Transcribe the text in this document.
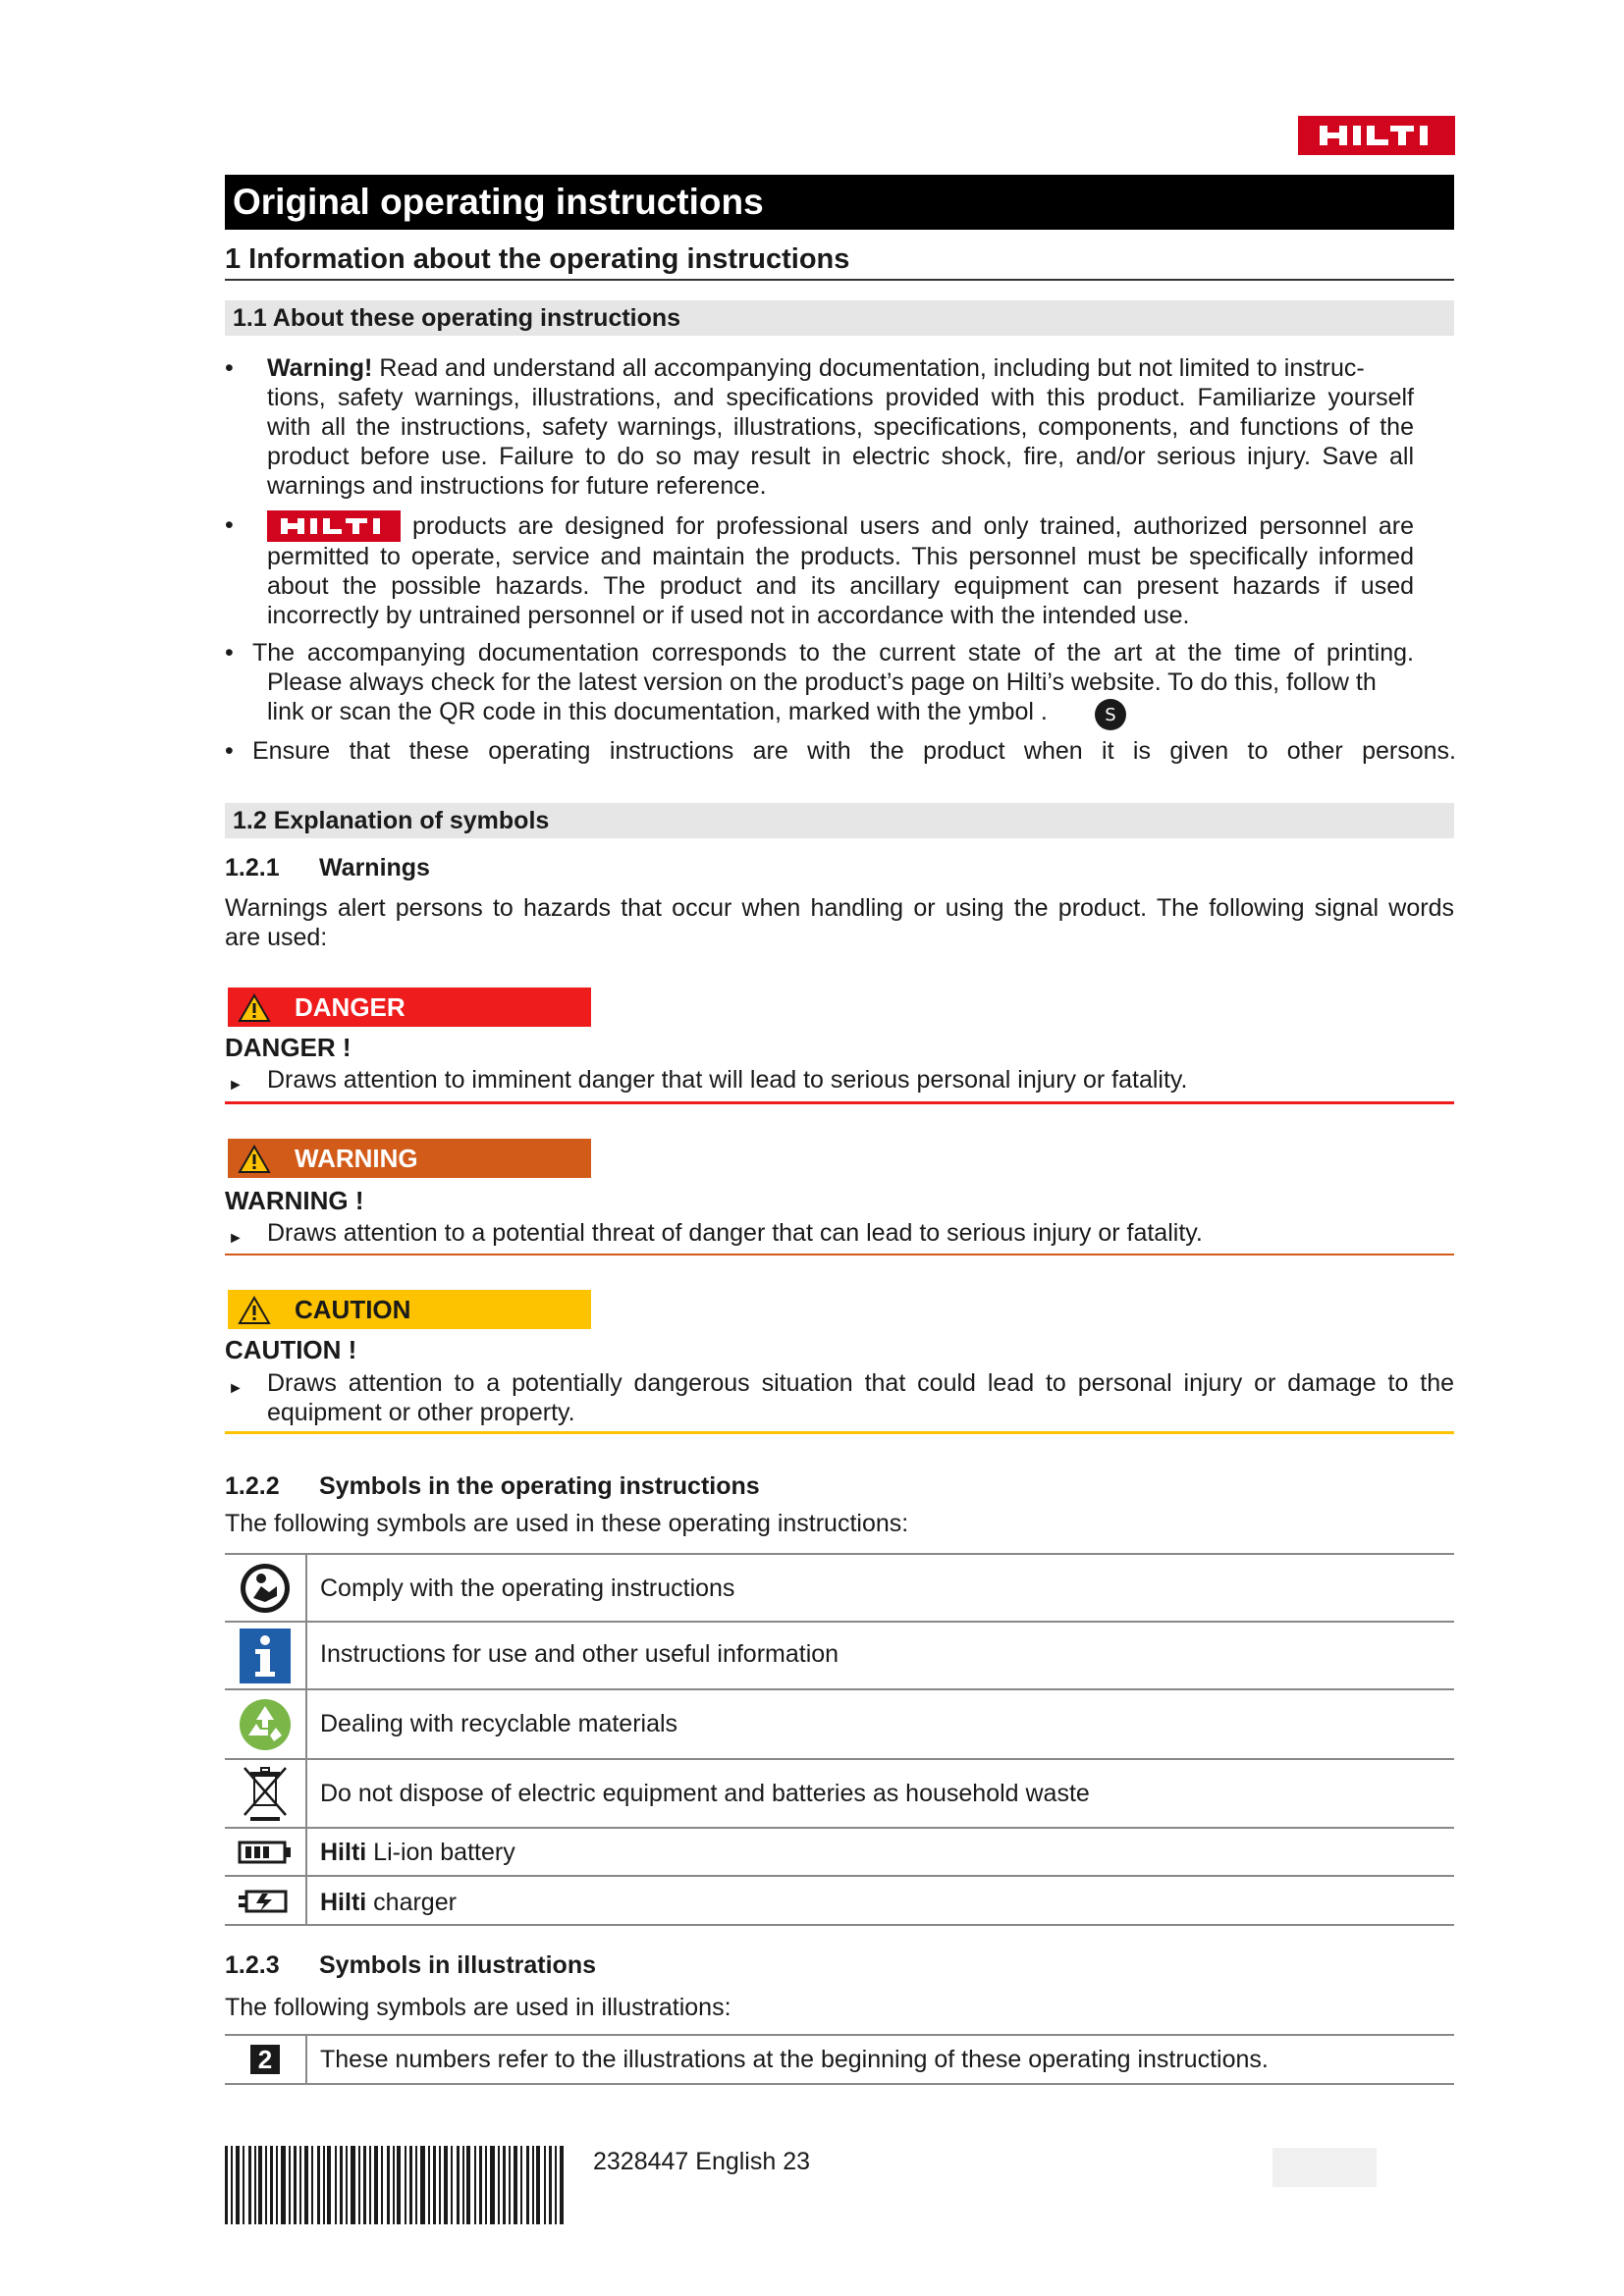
Original operating instructions
1 Information about the operating instructions
1.1 About these operating instructions
• Warning! Read and understand all accompanying documentation, including but not limited to instruc-
tions, safety warnings, illustrations, and specifications provided with this product. Familiarize yourself
with all the instructions, safety warnings, illustrations, specifications, components, and functions of the
product before use. Failure to do so may result in electric shock, fire, and/or serious injury. Save all
warnings and instructions for future reference.
•	products are designed for professional users and only trained, authorized personnel are
permitted to operate, service and maintain the products. This personnel must be specifically informed
about the possible hazards. The product and its ancillary equipment can present hazards if used
incorrectly by untrained personnel or if used not in accordance with the intended use.
• The accompanying documentation corresponds to the current state of the art at the time of printing.
Please always check for the latest version on the product’s page on Hilti’s website. To do this, follow th
link or scan the QR code in this documentation, marked with the ymbol .	S
• Ensure that these operating instructions are with the product when it is given to other persons.
1.2 Explanation of symbols
1.2.1 Warnings
Warnings alert persons to hazards that occur when handling or using the product. The following signal words
are used:
DANGER
DANGER !
► Draws attention to imminent danger that will lead to serious personal injury or fatality.
WARNING
WARNING !
► Draws attention to a potential threat of danger that can lead to serious injury or fatality.
CAUTION
CAUTION !
► Draws attention to a potentially dangerous situation that could lead to personal injury or damage to the
equipment or other property.
1.2.2 Symbols in the operating instructions
The following symbols are used in these operating instructions:
Comply with the operating instructions
Instructions for use and other useful information
Dealing with recyclable materials
Do not dispose of electric equipment and batteries as household waste
Hilti Li-ion battery
Hilti charger
1.2.3 Symbols in illustrations
The following symbols are used in illustrations:
2	These numbers refer to the illustrations at the beginning of these operating instructions.
2328447 English 23
